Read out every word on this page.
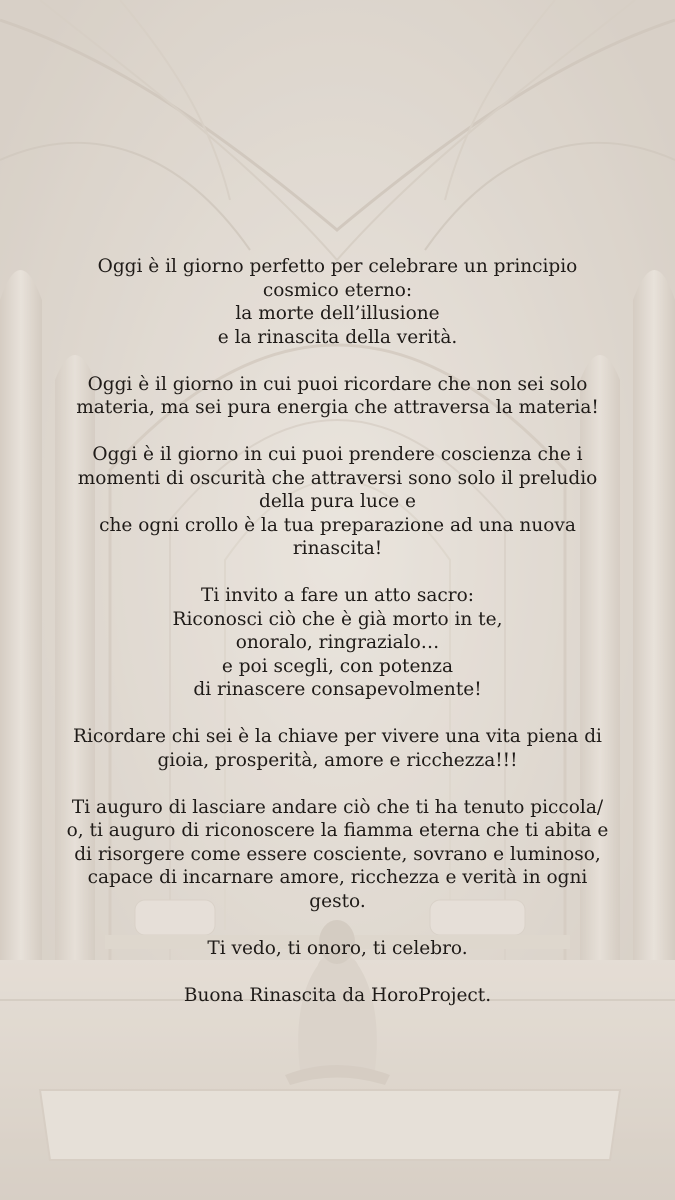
Oggi è il giorno perfetto per celebrare un principio
cosmico eterno:
la morte dell’illusione
e la rinascita della verità.

Oggi è il giorno in cui puoi ricordare che non sei solo
materia, ma sei pura energia che attraversa la materia!

Oggi è il giorno in cui puoi prendere coscienza che i
momenti di oscurità che attraversi sono solo il preludio
della pura luce e
che ogni crollo è la tua preparazione ad una nuova
rinascita!

Ti invito a fare un atto sacro:
Riconosci ciò che è già morto in te,
onoralo, ringrazialo…
e poi scegli, con potenza
di rinascere consapevolmente!

Ricordare chi sei è la chiave per vivere una vita piena di
gioia, prosperità, amore e ricchezza!!!

Ti auguro di lasciare andare ciò che ti ha tenuto piccola/
o, ti auguro di riconoscere la fiamma eterna che ti abita e
di risorgere come essere cosciente, sovrano e luminoso,
capace di incarnare amore, ricchezza e verità in ogni
gesto.

Ti vedo, ti onoro, ti celebro.

Buona Rinascita da HoroProject.
